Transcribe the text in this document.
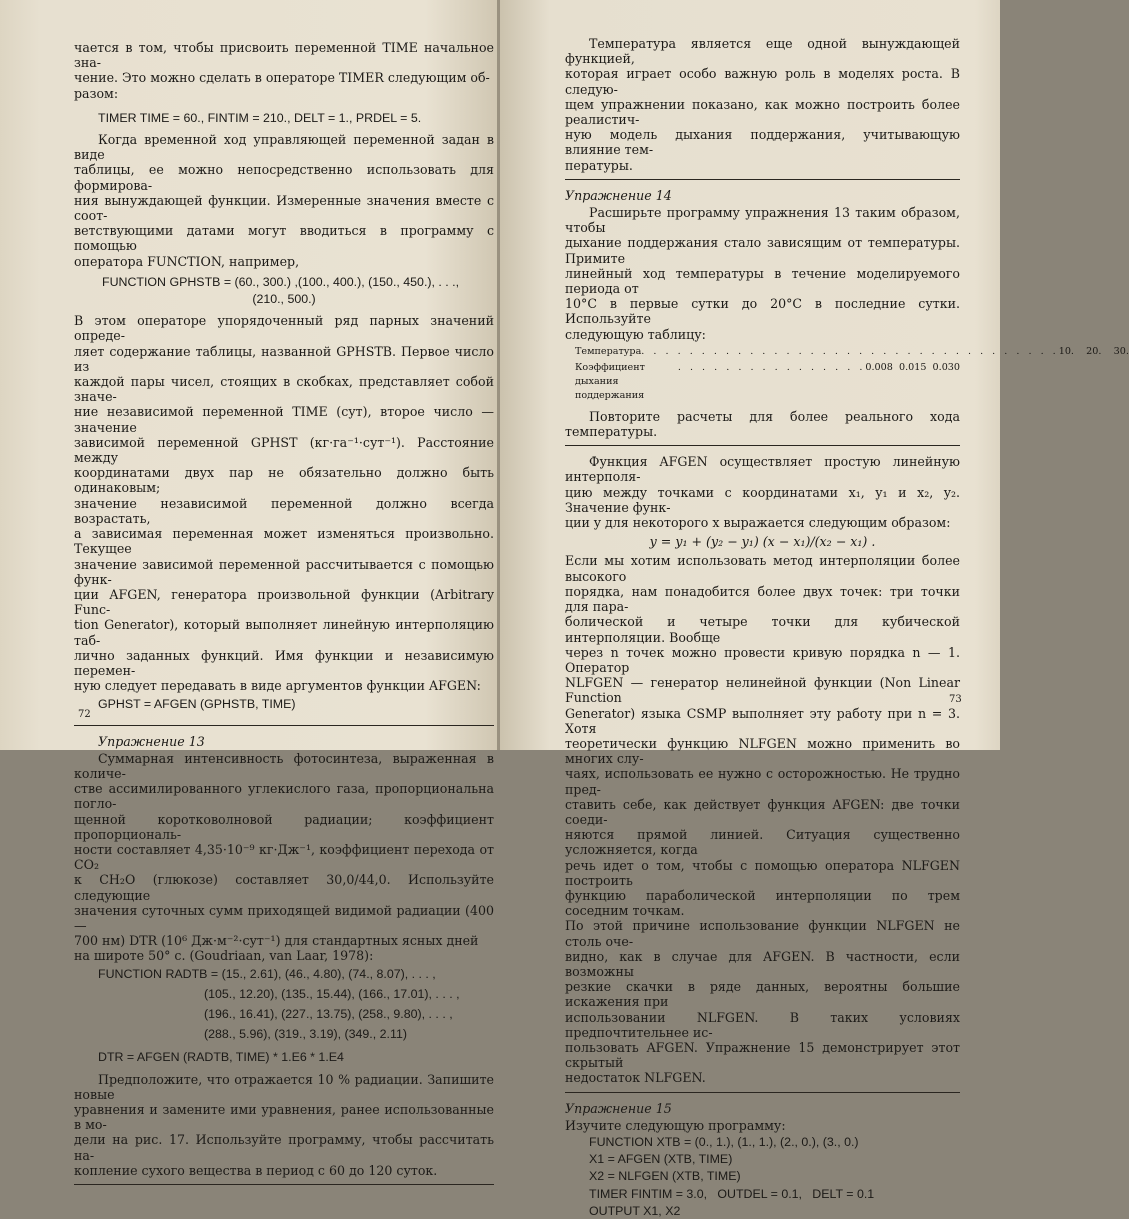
чается в том, чтобы присвоить переменной TIME начальное зна-

чение. Это можно сделать в операторе TIMER следующим об-

разом:

TIMER TIME = 60., FINTIM = 210., DELT = 1., PRDEL = 5.

Когда временной ход управляющей переменной задан в виде

таблицы, ее можно непосредственно использовать для формирова-

ния вынуждающей функции. Измеренные значения вместе с соот-

ветствующими датами могут вводиться в программу с помощью

оператора FUNCTION, например,

FUNCTION GPHSTB = (60., 300.) ,(100., 400.), (150., 450.), . . .,

(210., 500.)

В этом операторе упорядоченный ряд парных значений опреде-

ляет содержание таблицы, названной GPHSTB. Первое число из

каждой пары чисел, стоящих в скобках, представляет собой значе-

ние независимой переменной TIME (сут), второе число — значение

зависимой переменной GPHST (кг·га⁻¹·сут⁻¹). Расстояние между

координатами двух пар не обязательно должно быть одинаковым;

значение независимой переменной должно всегда возрастать,

а зависимая переменная может изменяться произвольно. Текущее

значение зависимой переменной рассчитывается с помощью функ-

ции AFGEN, генератора произвольной функции (Arbitrary Func-

tion Generator), который выполняет линейную интерполяцию таб-

лично заданных функций. Имя функции и независимую перемен-

ную следует передавать в виде аргументов функции AFGEN:

GPHST = AFGEN (GPHSTB, TIME)

Упражнение 13

Суммарная интенсивность фотосинтеза, выраженная в количе-

стве ассимилированного углекислого газа, пропорциональна погло-

щенной коротковолновой радиации; коэффициент пропорциональ-

ности составляет 4,35·10⁻⁹ кг·Дж⁻¹, коэффициент перехода от CO₂

к CH₂O (глюкозе) составляет 30,0/44,0. Используйте следующие

значения суточных сумм приходящей видимой радиации (400—

700 нм) DTR (10⁶ Дж·м⁻²·сут⁻¹) для стандартных ясных дней

на широте 50° с. (Goudriaan, van Laar, 1978):

FUNCTION RADTB = (15., 2.61), (46., 4.80), (74., 8.07), . . . ,

(105., 12.20), (135., 15.44), (166., 17.01), . . . ,

(196., 16.41), (227., 13.75), (258., 9.80), . . . ,

(288., 5.96), (319., 3.19), (349., 2.11)

DTR = AFGEN (RADTB, TIME) * 1.E6 * 1.E4

Предположите, что отражается 10 % радиации. Запишите новые

уравнения и замените ими уравнения, ранее использованные в мо-

дели на рис. 17. Используйте программу, чтобы рассчитать на-

копление сухого вещества в период с 60 до 120 суток.

72

Температура является еще одной вынуждающей функцией,

которая играет особо важную роль в моделях роста. В следую-

щем упражнении показано, как можно построить более реалистич-

ную модель дыхания поддержания, учитывающую влияние тем-

пературы.

Упражнение 14

Расширьте программу упражнения 13 таким образом, чтобы

дыхание поддержания стало зависящим от температуры. Примите

линейный ход температуры в течение моделируемого периода от

10°С в первые сутки до 20°С в последние сутки. Используйте

следующую таблицу:

Температура . . . . . . . . . . . . . . . . . . . . . . . . . . . . . . . . . . . 10.    20.    30.
Коэффициент дыхания поддержания
. . . . . . . . . . . . . . . . 0.008  0.015  0.030

Повторите расчеты для более реального хода температуры.

Функция AFGEN осуществляет простую линейную интерполя-

цию между точками с координатами x₁, y₁ и x₂, y₂. Значение функ-

ции y для некоторого x выражается следующим образом:

y = y₁ + (y₂ − y₁) (x − x₁)/(x₂ − x₁) .

Если мы хотим использовать метод интерполяции более высокого

порядка, нам понадобится более двух точек: три точки для пара-

болической и четыре точки для кубической интерполяции. Вообще

через n точек можно провести кривую порядка n — 1. Оператор

NLFGEN — генератор нелинейной функции (Non Linear Function

Generator) языка CSMP выполняет эту работу при n = 3. Хотя

теоретически функцию NLFGEN можно применить во многих слу-

чаях, использовать ее нужно с осторожностью. Не трудно пред-

ставить себе, как действует функция AFGEN: две точки соеди-

няются прямой линией. Ситуация существенно усложняется, когда

речь идет о том, чтобы с помощью оператора NLFGEN построить

функцию параболической интерполяции по трем соседним точкам.

По этой причине использование функции NLFGEN не столь оче-

видно, как в случае для AFGEN. В частности, если возможны

резкие скачки в ряде данных, вероятны большие искажения при

использовании NLFGEN. В таких условиях предпочтительнее ис-

пользовать AFGEN. Упражнение 15 демонстрирует этот скрытый

недостаток NLFGEN.

Упражнение 15

Изучите следующую программу:

FUNCTION XTB = (0., 1.), (1., 1.), (2., 0.), (3., 0.)

X1 = AFGEN (XTB, TIME)

X2 = NLFGEN (XTB, TIME)

TIMER FINTIM = 3.0,   OUTDEL = 0.1,   DELT = 0.1

OUTPUT X1, X2

73
